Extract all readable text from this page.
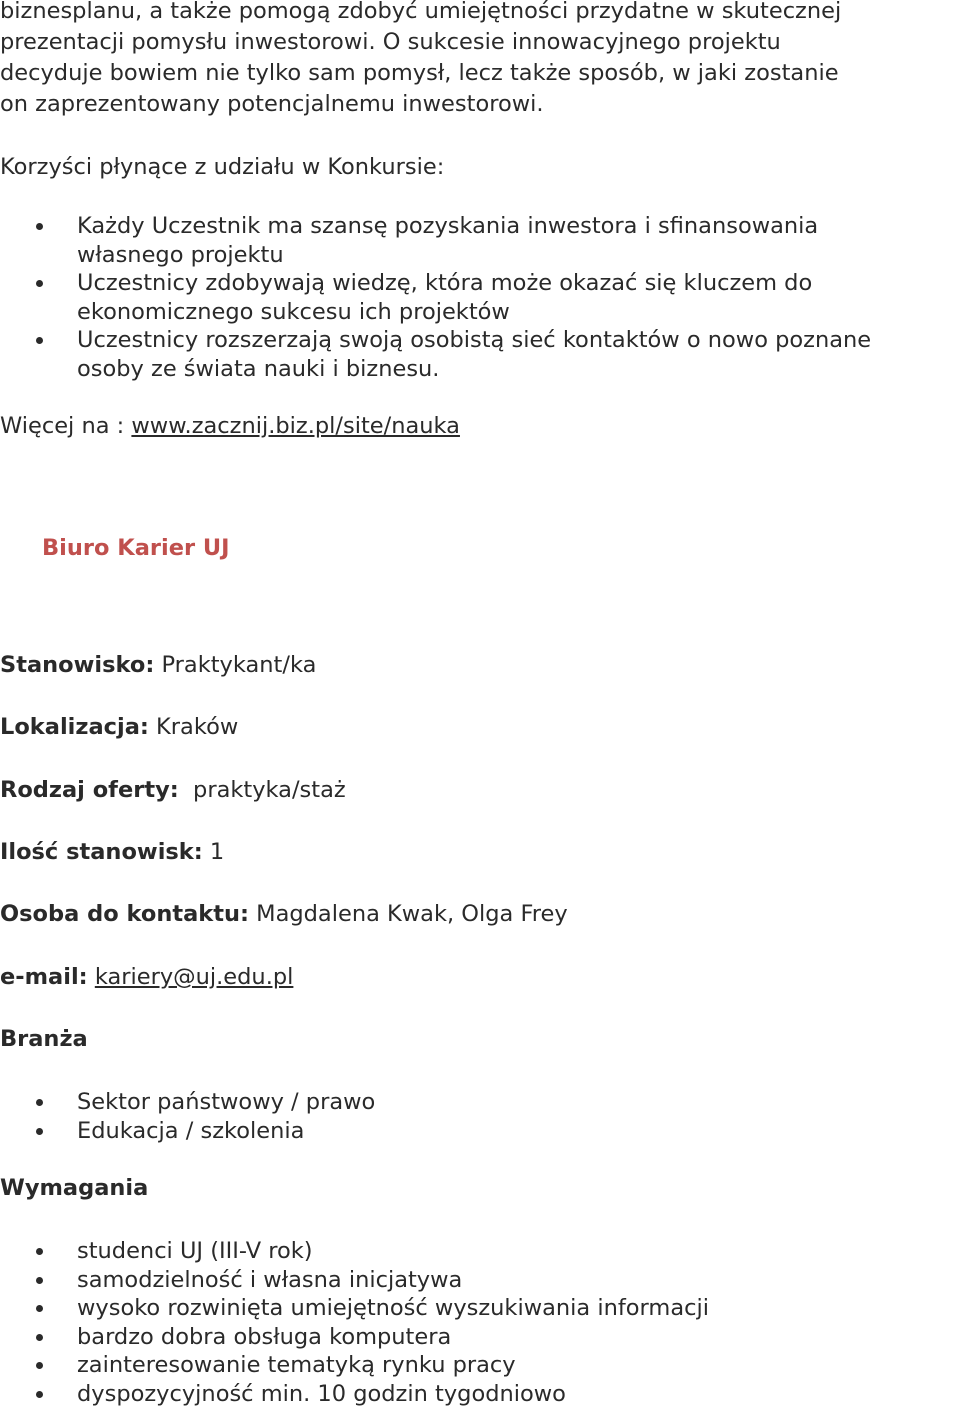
biznesplanu, a także pomogą zdobyć umiejętności przydatne w skutecznej
prezentacji pomysłu inwestorowi. O sukcesie innowacyjnego projektu
decyduje bowiem nie tylko sam pomysł, lecz także sposób, w jaki zostanie
on zaprezentowany potencjalnemu inwestorowi.

Korzyści płynące z udziału w Konkursie:

Każdy Uczestnik ma szansę pozyskania inwestora i sfinansowania
własnego projektu
Uczestnicy zdobywają wiedzę, która może okazać się kluczem do
ekonomicznego sukcesu ich projektów
Uczestnicy rozszerzają swoją osobistą sieć kontaktów o nowo poznane
osoby ze świata nauki i biznesu.

Więcej na : www.zacznij.biz.pl/site/nauka

Biuro Karier UJ

Stanowisko: Praktykant/ka

Lokalizacja: Kraków

Rodzaj oferty:  praktyka/staż

Ilość stanowisk: 1

Osoba do kontaktu: Magdalena Kwak, Olga Frey

e-mail: kariery@uj.edu.pl

Branża

Sektor państwowy / prawo
Edukacja / szkolenia

Wymagania

studenci UJ (III-V rok)
samodzielność i własna inicjatywa
wysoko rozwinięta umiejętność wyszukiwania informacji
bardzo dobra obsługa komputera
zainteresowanie tematyką rynku pracy
dyspozycyjność min. 10 godzin tygodniowo
